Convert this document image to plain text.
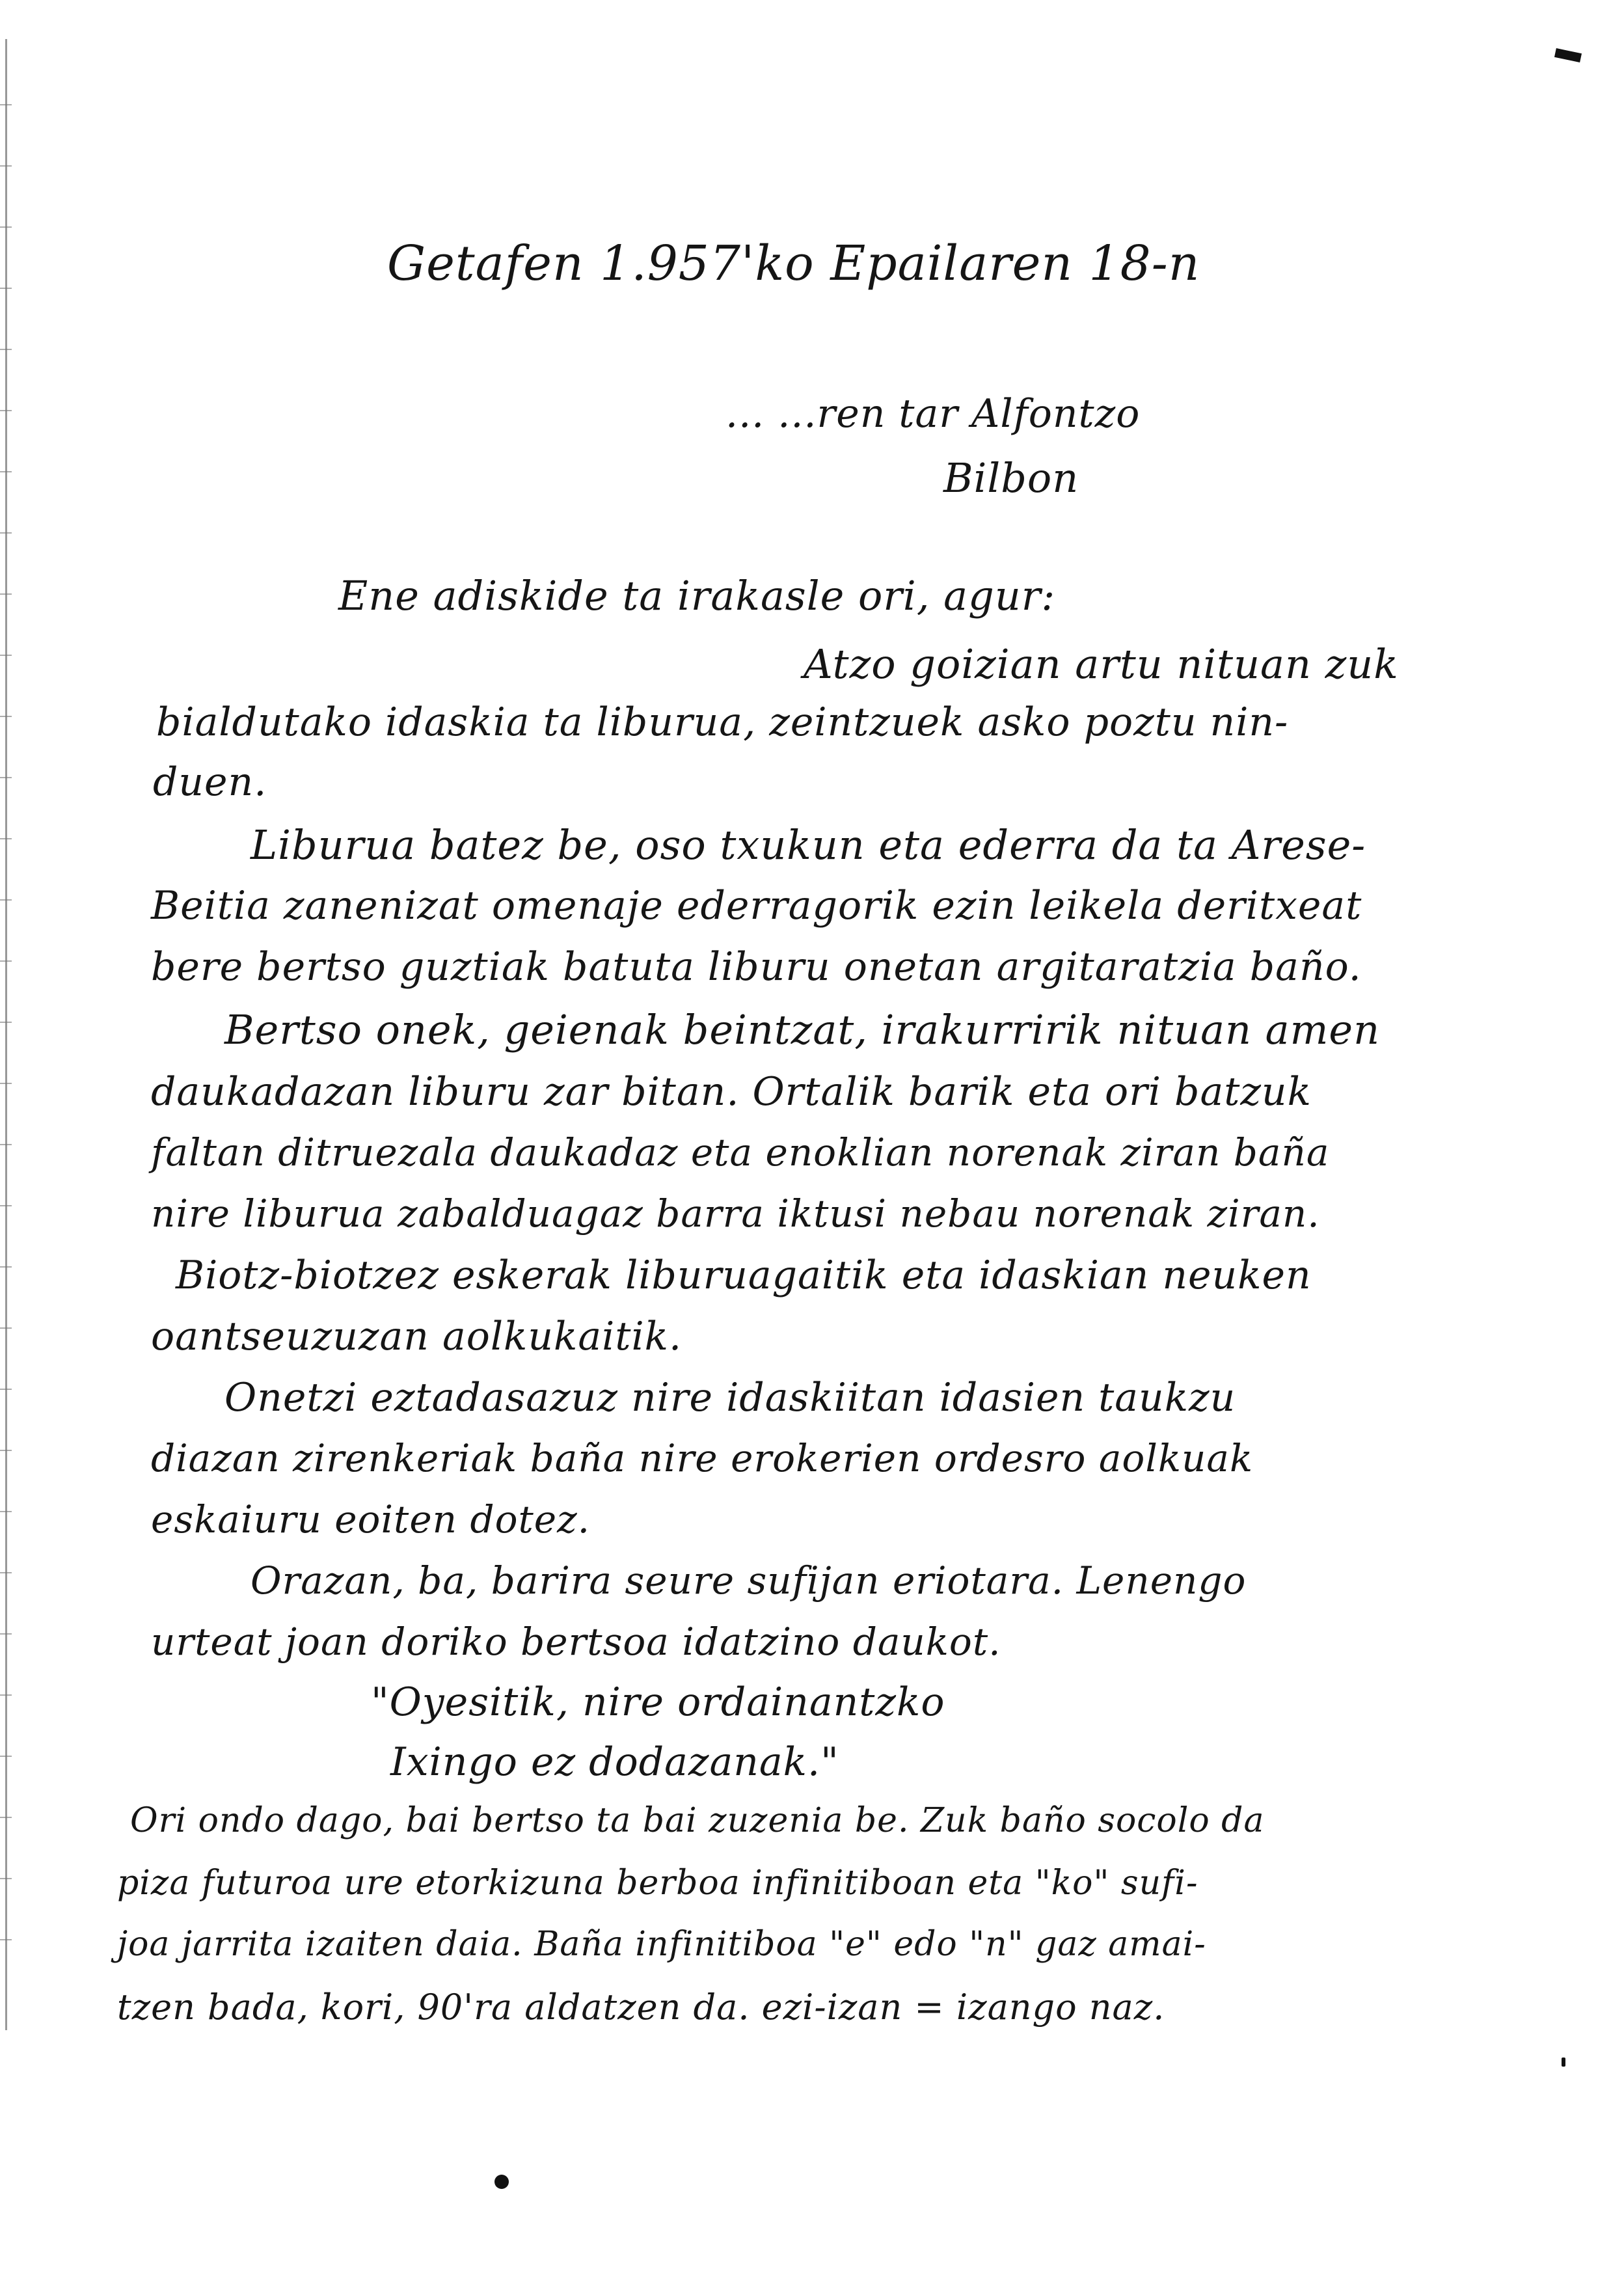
Getafen 1.957'ko Epailaren 18-n
... ...ren tar Alfontzo
Bilbon
Ene adiskide ta irakasle ori, agur:
Atzo goizian artu nituan zuk
bialdutako idaskia ta liburua, zeintzuek asko poztu nin-
duen.
Liburua batez be, oso txukun eta ederra da ta Arese-
Beitia zanenizat omenaje ederragorik ezin leikela deritxeat
bere bertso guztiak batuta liburu onetan argitaratzia baño.
Bertso onek, geienak beintzat, irakurririk nituan amen
daukadazan liburu zar bitan. Ortalik barik eta ori batzuk
faltan ditruezala daukadaz eta enoklian norenak ziran baña
nire liburua zabalduagaz barra iktusi nebau norenak ziran.
Biotz-biotzez eskerak liburuagaitik eta idaskian neuken
oantseuzuzan aolkukaitik.
Onetzi eztadasazuz nire idaskiitan idasien taukzu
diazan zirenkeriak baña nire erokerien ordesro aolkuak
eskaiuru eoiten dotez.
Orazan, ba, barira seure sufijan eriotara. Lenengo
urteat joan doriko bertsoa idatzino daukot.
"Oyesitik, nire ordainantzko
Ixingo ez dodazanak."
Ori ondo dago, bai bertso ta bai zuzenia be. Zuk baño socolo da
piza futuroa ure etorkizuna berboa infinitiboan eta "ko" sufi-
joa jarrita izaiten daia. Baña infinitiboa "e" edo "n" gaz amai-
tzen bada, kori, 90'ra aldatzen da. ezi-izan = izango naz.
